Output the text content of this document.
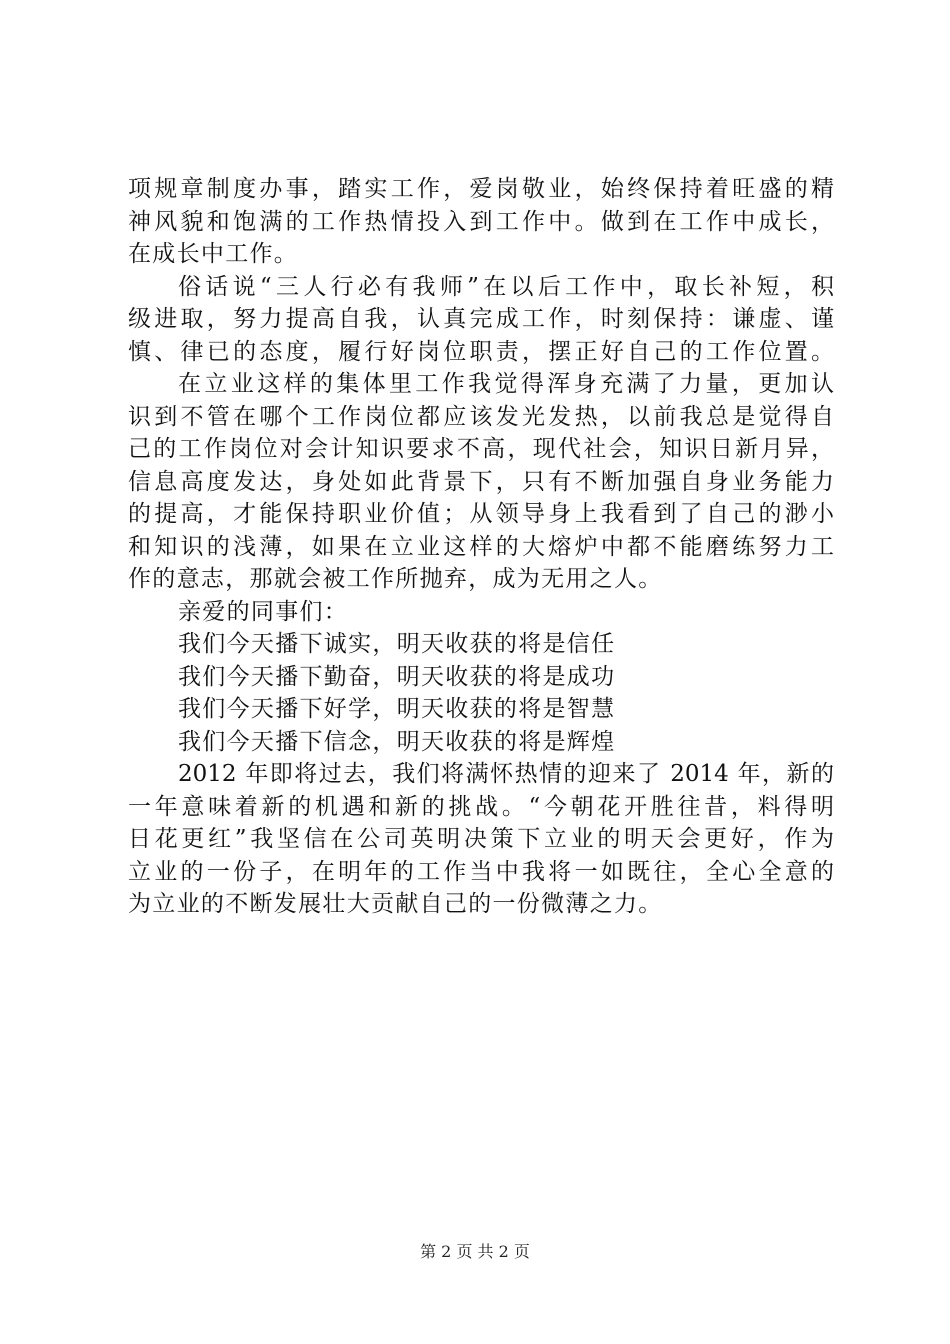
项规章制度办事，踏实工作，爱岗敬业，始终保持着旺盛的精
神风貌和饱满的工作热情投入到工作中。做到在工作中成长，
在成长中工作。
俗话说“三人行必有我师”在以后工作中，取长补短，积
级进取，努力提高自我，认真完成工作，时刻保持：谦虚、谨
慎、律已的态度，履行好岗位职责，摆正好自己的工作位置。
在立业这样的集体里工作我觉得浑身充满了力量，更加认
识到不管在哪个工作岗位都应该发光发热，以前我总是觉得自
己的工作岗位对会计知识要求不高，现代社会，知识日新月异，
信息高度发达，身处如此背景下，只有不断加强自身业务能力
的提高，才能保持职业价值；从领导身上我看到了自己的渺小
和知识的浅薄，如果在立业这样的大熔炉中都不能磨练努力工
作的意志，那就会被工作所抛弃，成为无用之人。
亲爱的同事们：
我们今天播下诚实，明天收获的将是信任
我们今天播下勤奋，明天收获的将是成功
我们今天播下好学，明天收获的将是智慧
我们今天播下信念，明天收获的将是辉煌
2012 年即将过去，我们将满怀热情的迎来了 2014 年，新的
一年意味着新的机遇和新的挑战。“今朝花开胜往昔，料得明
日花更红”我坚信在公司英明决策下立业的明天会更好，作为
立业的一份子，在明年的工作当中我将一如既往，全心全意的
为立业的不断发展壮大贡献自己的一份微薄之力。
第 2 页 共 2 页
